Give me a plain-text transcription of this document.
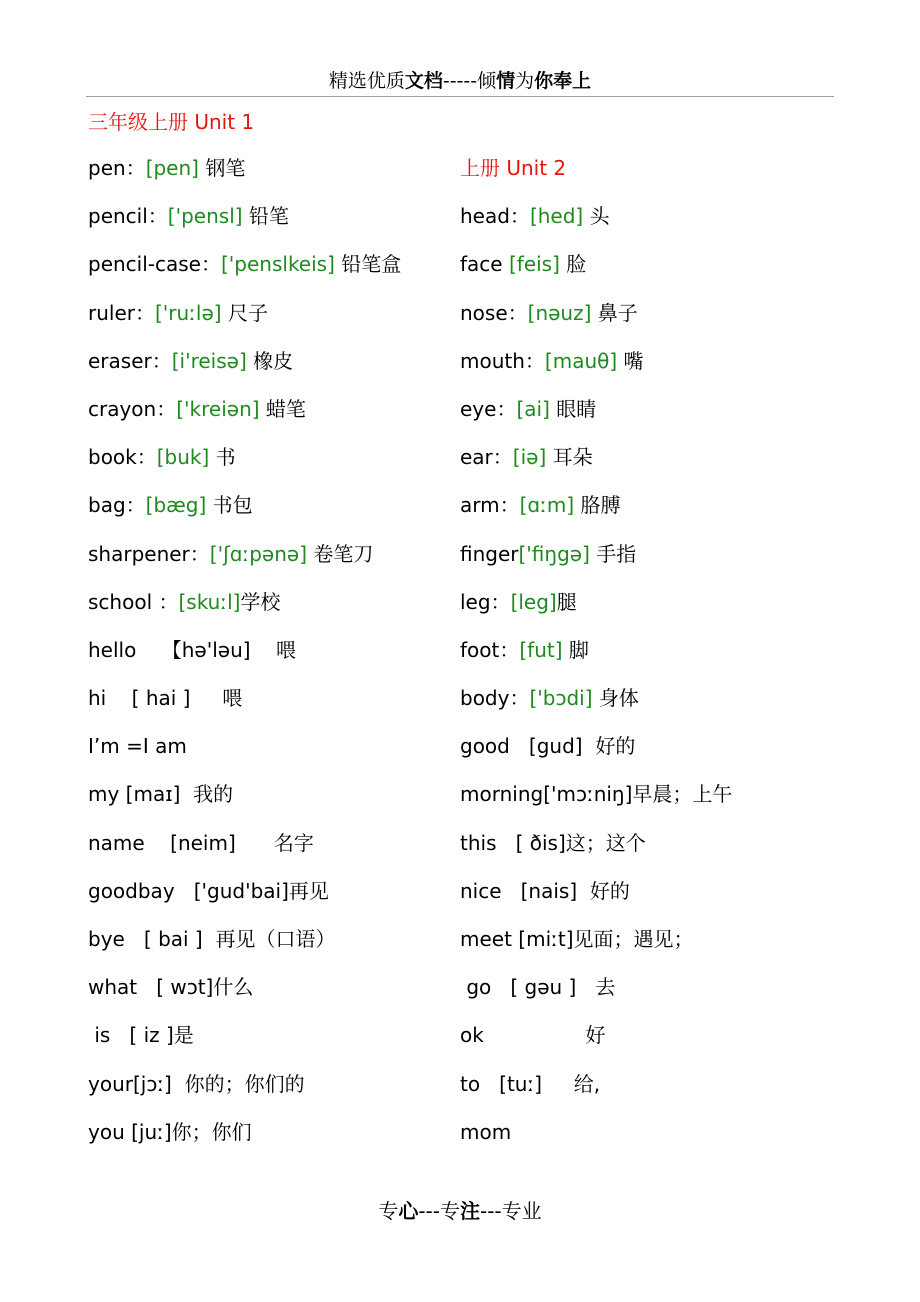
精选优质文档-----倾情为你奉上
三年级上册 Unit 1
pen：[pen] 钢笔
pencil：['pensl] 铅笔
pencil-case：['penslkeis] 铅笔盒
ruler：['ruːlə] 尺子
eraser：[i'reisə] 橡皮
crayon：['kreiən] 蜡笔
book：[buk] 书
bag：[bæg] 书包
sharpener：['ʃɑːpənə] 卷笔刀
school ：[skuːl]学校
hello    【hə'ləu]    喂
hi    [ hai ]     喂
I’m =I am
my [maɪ]  我的
name    [neim]      名字
goodbay   ['gud'bai]再见
bye   [ bai ]  再见（口语）
what   [ wɔt]什么
is   [ iz ]是
your[jɔː]  你的；你们的
you [juː]你；你们
上册 Unit 2
head：[hed] 头
face [feis] 脸
nose：[nəuz] 鼻子
mouth：[mauθ] 嘴
eye：[ai] 眼睛
ear：[iə] 耳朵
arm：[ɑːm] 胳膊
finger['fiŋgə] 手指
leg：[leg]腿
foot：[fut] 脚
body：['bɔdi] 身体
good   [gud]  好的
morning['mɔːniŋ]早晨；上午
this   [ ðis]这；这个
nice   [nais]  好的
meet [miːt]见面；遇见；
go   [ gəu ]   去
ok                好
to   [tuː]     给,
mom
专心---专注---专业
